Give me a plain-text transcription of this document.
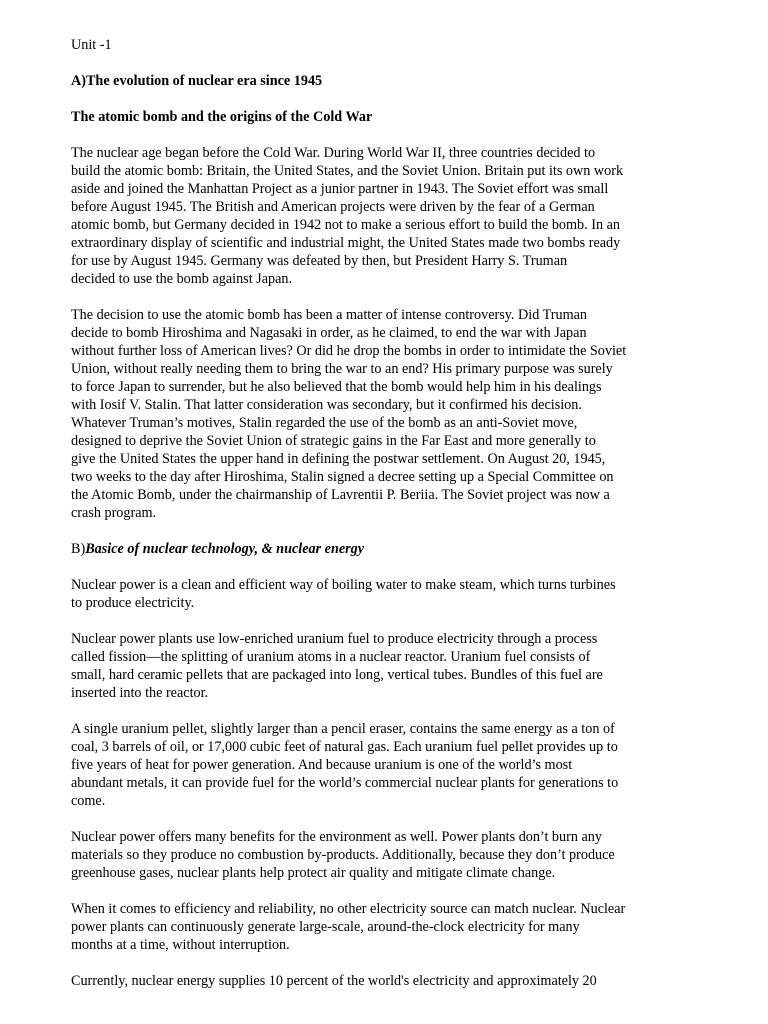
Unit -1
A)The evolution of nuclear era since 1945
The atomic bomb and the origins of the Cold War

The nuclear age began before the Cold War. During World War II, three countries decided to
build the atomic bomb: Britain, the United States, and the Soviet Union. Britain put its own work
aside and joined the Manhattan Project as a junior partner in 1943. The Soviet effort was small
before August 1945. The British and American projects were driven by the fear of a German
atomic bomb, but Germany decided in 1942 not to make a serious effort to build the bomb. In an
extraordinary display of scientific and industrial might, the United States made two bombs ready
for use by August 1945. Germany was defeated by then, but President Harry S. Truman
decided to use the bomb against Japan.

The decision to use the atomic bomb has been a matter of intense controversy. Did Truman
decide to bomb Hiroshima and Nagasaki in order, as he claimed, to end the war with Japan
without further loss of American lives? Or did he drop the bombs in order to intimidate the Soviet
Union, without really needing them to bring the war to an end? His primary purpose was surely
to force Japan to surrender, but he also believed that the bomb would help him in his dealings
with Iosif V. Stalin. That latter consideration was secondary, but it confirmed his decision.
Whatever Truman’s motives, Stalin regarded the use of the bomb as an anti-Soviet move,
designed to deprive the Soviet Union of strategic gains in the Far East and more generally to
give the United States the upper hand in defining the postwar settlement. On August 20, 1945,
two weeks to the day after Hiroshima, Stalin signed a decree setting up a Special Committee on
the Atomic Bomb, under the chairmanship of Lavrentii P. Beriia. The Soviet project was now a
crash program.

B)Basice of nuclear technology, & nuclear energy

Nuclear power is a clean and efficient way of boiling water to make steam, which turns turbines
to produce electricity.

Nuclear power plants use low-enriched uranium fuel to produce electricity through a process
called fission—the splitting of uranium atoms in a nuclear reactor. Uranium fuel consists of
small, hard ceramic pellets that are packaged into long, vertical tubes. Bundles of this fuel are
inserted into the reactor.

A single uranium pellet, slightly larger than a pencil eraser, contains the same energy as a ton of
coal, 3 barrels of oil, or 17,000 cubic feet of natural gas. Each uranium fuel pellet provides up to
five years of heat for power generation. And because uranium is one of the world’s most
abundant metals, it can provide fuel for the world’s commercial nuclear plants for generations to
come.

Nuclear power offers many benefits for the environment as well. Power plants don’t burn any
materials so they produce no combustion by-products. Additionally, because they don’t produce
greenhouse gases, nuclear plants help protect air quality and mitigate climate change.

When it comes to efficiency and reliability, no other electricity source can match nuclear. Nuclear
power plants can continuously generate large-scale, around-the-clock electricity for many
months at a time, without interruption.

Currently, nuclear energy supplies 10 percent of the world's electricity and approximately 20
